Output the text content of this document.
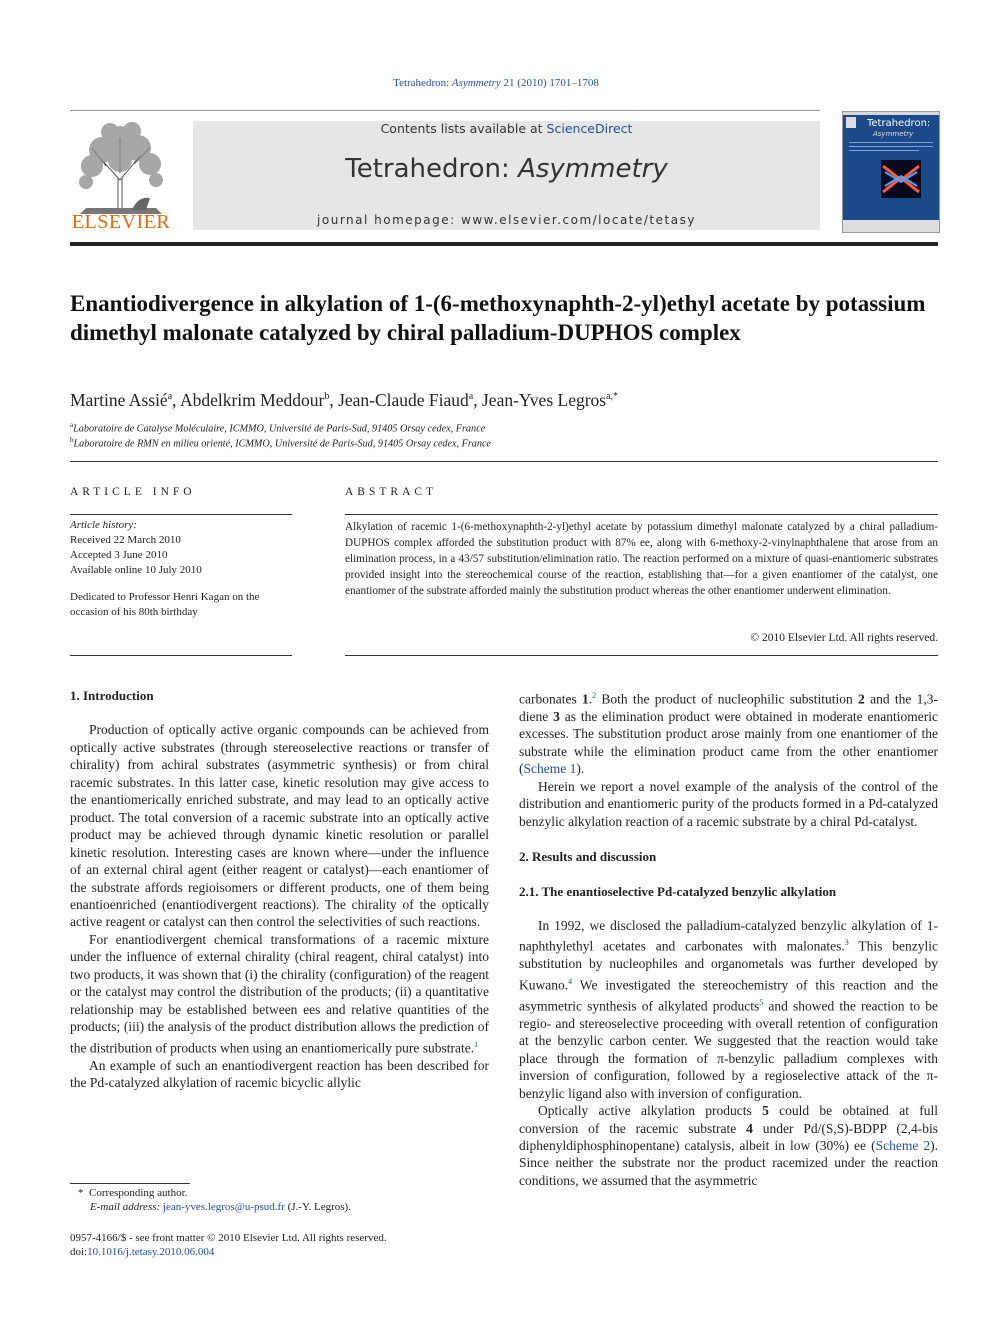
Tetrahedron: Asymmetry 21 (2010) 1701–1708
ELSEVIER
Contents lists available at ScienceDirect
Tetrahedron: Asymmetry
journal homepage: www.elsevier.com/locate/tetasy
Tetrahedron:
Asymmetry
Enantiodivergence in alkylation of 1-(6-methoxynaphth-2-yl)ethyl acetate by potassium dimethyl malonate catalyzed by chiral palladium-DUPHOS complex
Martine Assié$^a$, Abdelkrim Meddour$^b$, Jean-Claude Fiaud$^a$, Jean-Yves Legros$^{a,*}$
$^a$Laboratoire de Catalyse Moléculaire, ICMMO, Université de Paris-Sud, 91405 Orsay cedex, France
$^b$Laboratoire de RMN en milieu orienté, ICMMO, Université de Paris-Sud, 91405 Orsay cedex, France
ARTICLE INFO	ABSTRACT
Article history:
Received 22 March 2010
Accepted 3 June 2010
Available online 10 July 2010
Dedicated to Professor Henri Kagan on the occasion of his 80th birthday
Alkylation of racemic 1-(6-methoxynaphth-2-yl)ethyl acetate by potassium dimethyl malonate catalyzed by a chiral palladium-DUPHOS complex afforded the substitution product with 87% ee, along with 6-methoxy-2-vinylnaphthalene that arose from an elimination process, in a 43/57 substitution/elimination ratio. The reaction performed on a mixture of quasi-enantiomeric substrates provided insight into the stereochemical course of the reaction, establishing that—for a given enantiomer of the catalyst, one enantiomer of the substrate afforded mainly the substitution product whereas the other enantiomer underwent elimination.
© 2010 Elsevier Ltd. All rights reserved.
1. Introduction

Production of optically active organic compounds can be achieved from optically active substrates (through stereoselective reactions or transfer of chirality) from achiral substrates (asymmetric synthesis) or from chiral racemic substrates. In this latter case, kinetic resolution may give access to the enantiomerically enriched substrate, and may lead to an optically active product. The total conversion of a racemic substrate into an optically active product may be achieved through dynamic kinetic resolution or parallel kinetic resolution. Interesting cases are known where—under the influence of an external chiral agent (either reagent or catalyst)—each enantiomer of the substrate affords regioisomers or different products, one of them being enantioenriched (enantiodivergent reactions). The chirality of the optically active reagent or catalyst can then control the selectivities of such reactions.

For enantiodivergent chemical transformations of a racemic mixture under the influence of external chirality (chiral reagent, chiral catalyst) into two products, it was shown that (i) the chirality (configuration) of the reagent or the catalyst may control the distribution of the products; (ii) a quantitative relationship may be established between ees and relative quantities of the products; (iii) the analysis of the product distribution allows the prediction of the distribution of products when using an enantiomerically pure substrate.$^1$

An example of such an enantiodivergent reaction has been described for the Pd-catalyzed alkylation of racemic bicyclic allylic

carbonates 1.$^2$ Both the product of nucleophilic substitution 2 and the 1,3-diene 3 as the elimination product were obtained in moderate enantiomeric excesses. The substitution product arose mainly from one enantiomer of the substrate while the elimination product came from the other enantiomer (Scheme 1).

Herein we report a novel example of the analysis of the control of the distribution and enantiomeric purity of the products formed in a Pd-catalyzed benzylic alkylation reaction of a racemic substrate by a chiral Pd-catalyst.

2. Results and discussion
2.1. The enantioselective Pd-catalyzed benzylic alkylation

In 1992, we disclosed the palladium-catalyzed benzylic alkylation of 1-naphthylethyl acetates and carbonates with malonates.$^3$ This benzylic substitution by nucleophiles and organometals was further developed by Kuwano.$^4$ We investigated the stereochemistry of this reaction and the asymmetric synthesis of alkylated products$^5$ and showed the reaction to be regio- and stereoselective proceeding with overall retention of configuration at the benzylic carbon center. We suggested that the reaction would take place through the formation of π-benzylic palladium complexes with inversion of configuration, followed by a regioselective attack of the π-benzylic ligand also with inversion of configuration.

Optically active alkylation products 5 could be obtained at full conversion of the racemic substrate 4 under Pd/(S,S)-BDPP (2,4-bis diphenyldiphosphinopentane) catalysis, albeit in low (30%) ee (Scheme 2). Since neither the substrate nor the product racemized under the reaction conditions, we assumed that the asymmetric

* Corresponding author.
E-mail address: jean-yves.legros@u-psud.fr (J.-Y. Legros).
0957-4166/$ - see front matter © 2010 Elsevier Ltd. All rights reserved.
doi:10.1016/j.tetasy.2010.06.004
